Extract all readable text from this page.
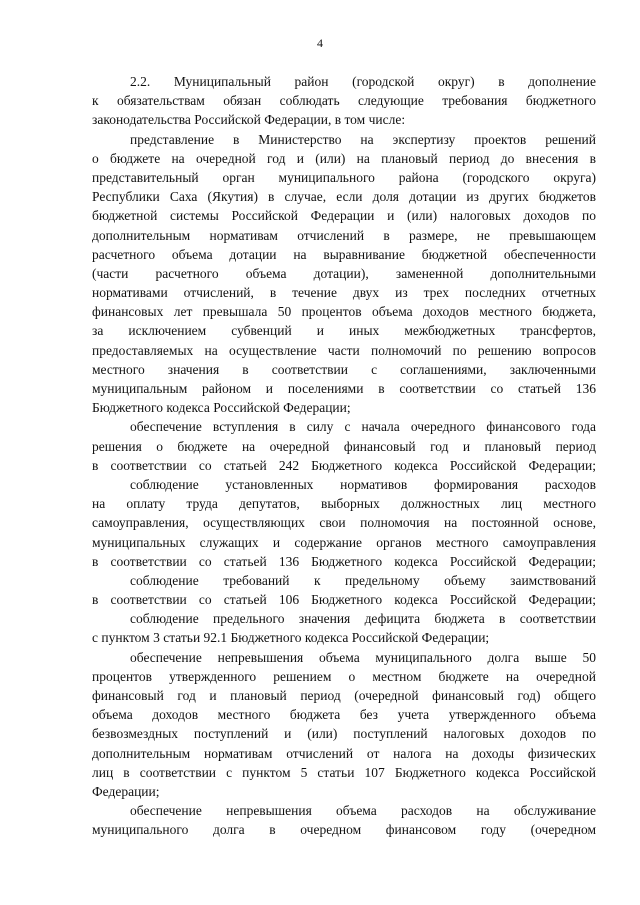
4
2.2. Муниципальный район (городской округ) в дополнение
к обязательствам обязан соблюдать следующие требования бюджетного
законодательства Российской Федерации, в том числе:
представление в Министерство на экспертизу проектов решений
о бюджете на очередной год и (или) на плановый период до внесения в
представительный орган муниципального района (городского округа)
Республики Саха (Якутия) в случае, если доля дотации из других бюджетов
бюджетной системы Российской Федерации и (или) налоговых доходов по
дополнительным нормативам отчислений в размере, не превышающем
расчетного объема дотации на выравнивание бюджетной обеспеченности
(части расчетного объема дотации), замененной дополнительными
нормативами отчислений, в течение двух из трех последних отчетных
финансовых лет превышала 50 процентов объема доходов местного бюджета,
за исключением субвенций и иных межбюджетных трансфертов,
предоставляемых на осуществление части полномочий по решению вопросов
местного значения в соответствии с соглашениями, заключенными
муниципальным районом и поселениями в соответствии со статьей 136
Бюджетного кодекса Российской Федерации;
обеспечение вступления в силу с начала очередного финансового года
решения о бюджете на очередной финансовый год и плановый период
в соответствии со статьей 242 Бюджетного кодекса Российской Федерации;
соблюдение установленных нормативов формирования расходов
на оплату труда депутатов, выборных должностных лиц местного
самоуправления, осуществляющих свои полномочия на постоянной основе,
муниципальных служащих и содержание органов местного самоуправления
в соответствии со статьей 136 Бюджетного кодекса Российской Федерации;
соблюдение требований к предельному объему заимствований
в соответствии со статьей 106 Бюджетного кодекса Российской Федерации;
соблюдение предельного значения дефицита бюджета в соответствии
с пунктом 3 статьи 92.1 Бюджетного кодекса Российской Федерации;
обеспечение непревышения объема муниципального долга выше 50
процентов утвержденного решением о местном бюджете на очередной
финансовый год и плановый период (очередной финансовый год) общего
объема доходов местного бюджета без учета утвержденного объема
безвозмездных поступлений и (или) поступлений налоговых доходов по
дополнительным нормативам отчислений от налога на доходы физических
лиц в соответствии с пунктом 5 статьи 107 Бюджетного кодекса Российской
Федерации;
обеспечение непревышения объема расходов на обслуживание
муниципального долга в очередном финансовом году (очередном
